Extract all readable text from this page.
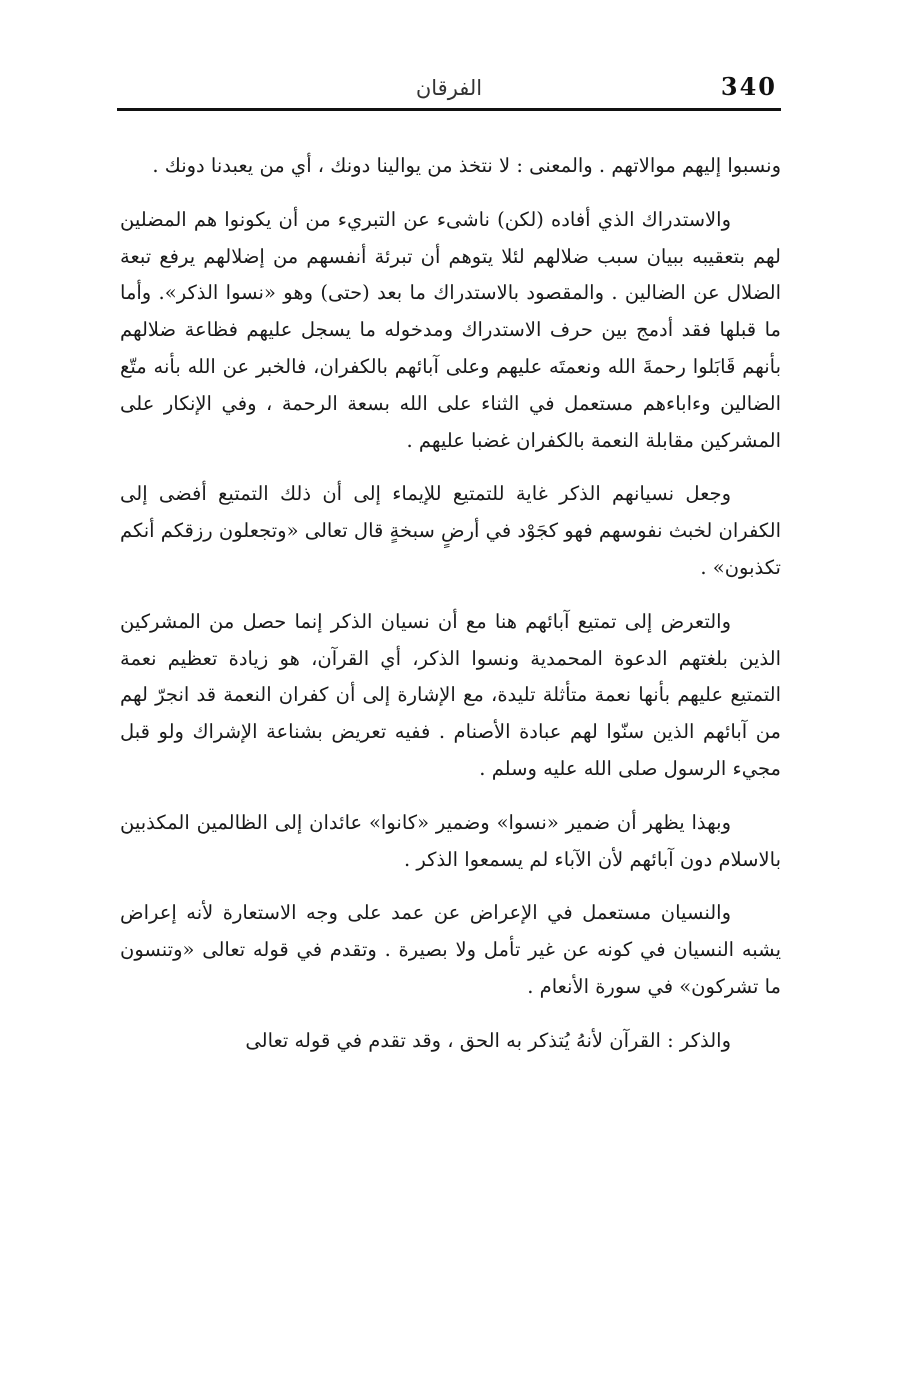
340
الفرقان

ونسبوا إليهم موالاتهم . والمعنى : لا نتخذ من يوالينا دونك ، أي من يعبدنا دونك .

والاستدراك الذي أفاده (لكن) ناشىء عن التبريء من أن يكونوا هم المضلين لهم بتعقيبه ببيان سبب ضلالهم لئلا يتوهم أن تبرئة أنفسهم من إضلالهم يرفع تبعة الضلال عن الضالين . والمقصود بالاستدراك ما بعد (حتى) وهو «نسوا الذكر». وأما ما قبلها فقد أدمج بين حرف الاستدراك ومدخوله ما يسجل عليهم فظاعة ضلالهم بأنهم قَابَلوا رحمةَ الله ونعمتَه عليهم وعلى آبائهم بالكفران، فالخبر عن الله بأنه متّع الضالين وءاباءهم مستعمل في الثناء على الله بسعة الرحمة ، وفي الإنكار على المشركين مقابلة النعمة بالكفران غضبا عليهم .

وجعل نسيانهم الذكر غاية للتمتيع للإيماء إلى أن ذلك التمتيع أفضى إلى الكفران لخبث نفوسهم فهو كجَوْد في أرضٍ سبخةٍ قال تعالى «وتجعلون رزقكم أنكم تكذبون» .

والتعرض إلى تمتيع آبائهم هنا مع أن نسيان الذكر إنما حصل من المشركين الذين بلغتهم الدعوة المحمدية ونسوا الذكر، أي القرآن، هو زيادة تعظيم نعمة التمتيع عليهم بأنها نعمة متأثلة تليدة، مع الإشارة إلى أن كفران النعمة قد انجرّ لهم من آبائهم الذين سنّوا لهم عبادة الأصنام . ففيه تعريض بشناعة الإشراك ولو قبل مجيء الرسول صلى الله عليه وسلم .

وبهذا يظهر أن ضمير «نسوا» وضمير «كانوا» عائدان إلى الظالمين المكذبين بالاسلام دون آبائهم لأن الآباء لم يسمعوا الذكر .

والنسيان مستعمل في الإعراض عن عمد على وجه الاستعارة لأنه إعراض يشبه النسيان في كونه عن غير تأمل ولا بصيرة . وتقدم في قوله تعالى «وتنسون ما تشركون» في سورة الأنعام .

والذكر : القرآن لأنهُ يُتذكر به الحق ، وقد تقدم في قوله تعالى
